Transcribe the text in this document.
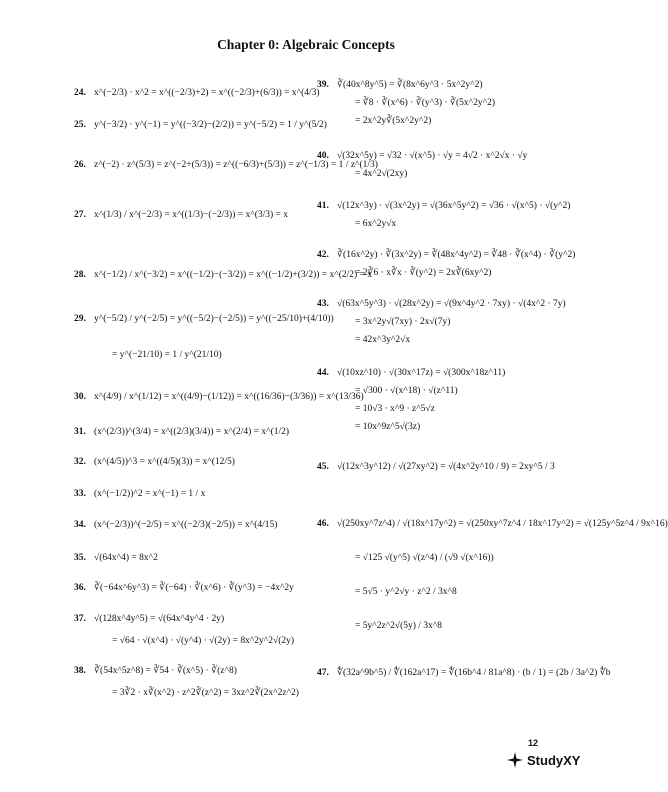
Chapter 0: Algebraic Concepts
24. x^(−2/3) · x^2 = x^((−2/3)+2) = x^((−2/3)+(6/3)) = x^(4/3)
25. y^(−3/2) · y^(−1) = y^((−3/2)−(2/2)) = y^(−5/2) = 1 / y^(5/2)
26. z^(−2) · z^(5/3) = z^(−2+(5/3)) = z^((−6/3)+(5/3)) = z^(−1/3) = 1 / z^(1/3)
27. x^(1/3) / x^(−2/3) = x^((1/3)−(−2/3)) = x^(3/3) = x
28. x^(−1/2) / x^(−3/2) = x^((−1/2)−(−3/2)) = x^((−1/2)+(3/2)) = x^(2/2) = x
29. y^(−5/2) / y^(−2/5) = y^((−5/2)−(−2/5)) = y^((−25/10)+(4/10))
= y^(−21/10) = 1 / y^(21/10)
30. x^(4/9) / x^(1/12) = x^((4/9)−(1/12)) = x^((16/36)−(3/36)) = x^(13/36)
31. (x^(2/3))^(3/4) = x^((2/3)(3/4)) = x^(2/4) = x^(1/2)
32. (x^(4/5))^3 = x^((4/5)(3)) = x^(12/5)
33. (x^(−1/2))^2 = x^(−1) = 1 / x
34. (x^(−2/3))^(−2/5) = x^((−2/3)(−2/5)) = x^(4/15)
35. √(64x^4) = 8x^2
36. ∛(−64x^6y^3) = ∛(−64) · ∛(x^6) · ∛(y^3) = −4x^2y
37. √(128x^4y^5) = √(64x^4y^4 · 2y)
= √64 · √(x^4) · √(y^4) · √(2y) = 8x^2y^2√(2y)
38. ∛(54x^5z^8) = ∛54 · ∛(x^5) · ∛(z^8)
= 3∛2 · x∛(x^2) · z^2∛(z^2) = 3xz^2∛(2x^2z^2)
39. ∛(40x^8y^5) = ∛(8x^6y^3 · 5x^2y^2)
= ∛8 · ∛(x^6) · ∛(y^3) · ∛(5x^2y^2)
= 2x^2y∛(5x^2y^2)
40. √(32x^5y) = √32 · √(x^5) · √y = 4√2 · x^2√x · √y
= 4x^2√(2xy)
41. √(12x^3y) · √(3x^2y) = √(36x^5y^2) = √36 · √(x^5) · √(y^2)
= 6x^2y√x
42. ∛(16x^2y) · ∛(3x^2y) = ∛(48x^4y^2) = ∛48 · ∛(x^4) · ∛(y^2)
= 2∛6 · x∛x · ∛(y^2) = 2x∛(6xy^2)
43. √(63x^5y^3) · √(28x^2y) = √(9x^4y^2 · 7xy) · √(4x^2 · 7y)
= 3x^2y√(7xy) · 2x√(7y)
= 42x^3y^2√x
44. √(10xz^10) · √(30x^17z) = √(300x^18z^11)
= √300 · √(x^18) · √(z^11)
= 10√3 · x^9 · z^5√z
= 10x^9z^5√(3z)
45. √(12x^3y^12) / √(27xy^2) = √(4x^2y^10 / 9) = 2xy^5 / 3
46. √(250xy^7z^4) / √(18x^17y^2) = √(250xy^7z^4 / 18x^17y^2) = √(125y^5z^4 / 9x^16)
= √125 √(y^5) √(z^4) / (√9 √(x^16))
= 5√5 · y^2√y · z^2 / 3x^8
= 5y^2z^2√(5y) / 3x^8
47. ∜(32a^9b^5) / ∜(162a^17) = ∜(16b^4 / 81a^8) · (b / 1) = (2b / 3a^2) ∜b
12
StudyXY
